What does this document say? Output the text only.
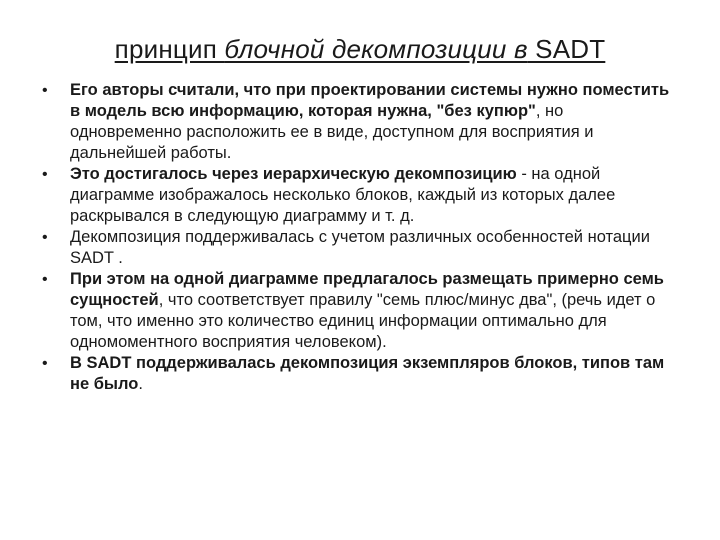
принцип блочной декомпозиции в SADT
• Его авторы считали, что при проектировании системы нужно поместить в модель всю информацию, которая нужна, "без купюр", но одновременно расположить ее в виде, доступном для восприятия и дальнейшей работы.
• Это достигалось через иерархическую декомпозицию - на одной диаграмме изображалось несколько блоков, каждый из которых далее раскрывался в следующую диаграмму и т. д.
• Декомпозиция поддерживалась с учетом различных особенностей нотации SADT .
• При этом на одной диаграмме предлагалось размещать примерно семь сущностей, что соответствует правилу "семь плюс/минус два", (речь идет о том, что именно это количество единиц информации оптимально для одномоментного восприятия человеком).
• В SADT поддерживалась декомпозиция экземпляров блоков, типов там не было.
